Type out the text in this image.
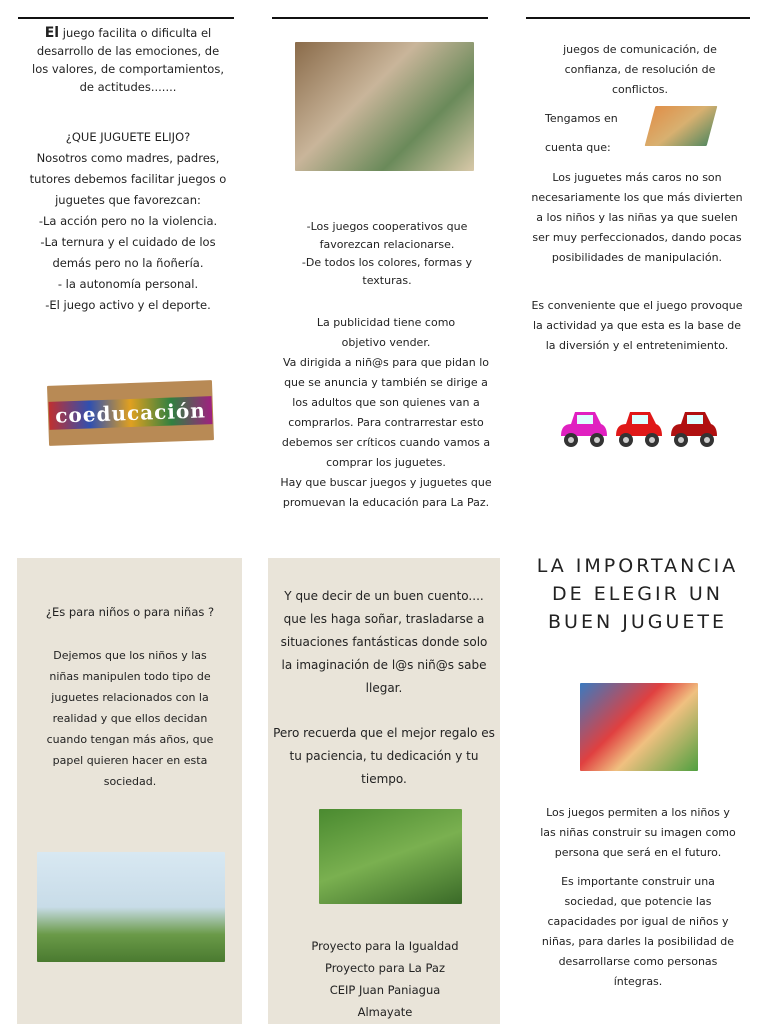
El juego facilita o dificulta el desarrollo de las emociones, de los valores, de comportamientos, de actitudes.......

¿QUE JUGUETE ELIJO?
Nosotros como madres, padres, tutores debemos facilitar juegos o juguetes que favorezcan:
-La acción pero no la violencia.
-La ternura y el cuidado de los demás pero no la ñoñería.
- la autonomía personal.
-El juego activo y el deporte.
coeducación
-Los juegos cooperativos que favorezcan relacionarse.
-De todos los colores, formas y texturas.
La publicidad tiene como objetivo vender.
Va dirigida a niñ@s para que pidan lo que se anuncia y también se dirige a los adultos que son quienes van a comprarlos. Para contrarrestar esto debemos ser críticos cuando vamos a comprar los juguetes.
Hay que buscar juegos y juguetes que promuevan la educación para La Paz.
juegos de comunicación, de confianza, de resolución de conflictos.
Tengamos en
cuenta que:
Los juguetes más caros no son necesariamente los que más divierten a los niños y las niñas ya que suelen ser muy perfeccionados, dando pocas posibilidades de manipulación.
Es conveniente que el juego provoque la actividad ya que esta es la base de la diversión y el entretenimiento.
¿Es para niños o para niñas ?
Dejemos que los niños y las niñas manipulen todo tipo de juguetes relacionados con la realidad y que ellos decidan cuando tengan más años, que papel quieren hacer en esta sociedad.
Y que decir de un buen cuento.... que les haga soñar, trasladarse a situaciones fantásticas donde solo la imaginación de l@s niñ@s sabe llegar.
Pero recuerda que el mejor regalo es tu paciencia, tu dedicación y tu tiempo.
Proyecto para la Igualdad
Proyecto para La Paz
CEIP Juan Paniagua
Almayate
LA IMPORTANCIA DE ELEGIR UN BUEN JUGUETE
Los juegos permiten a los niños y las niñas construir su imagen como persona que será en el futuro.
Es importante construir una sociedad, que potencie las capacidades por igual de niños y niñas, para darles la posibilidad de desarrollarse como personas íntegras.
